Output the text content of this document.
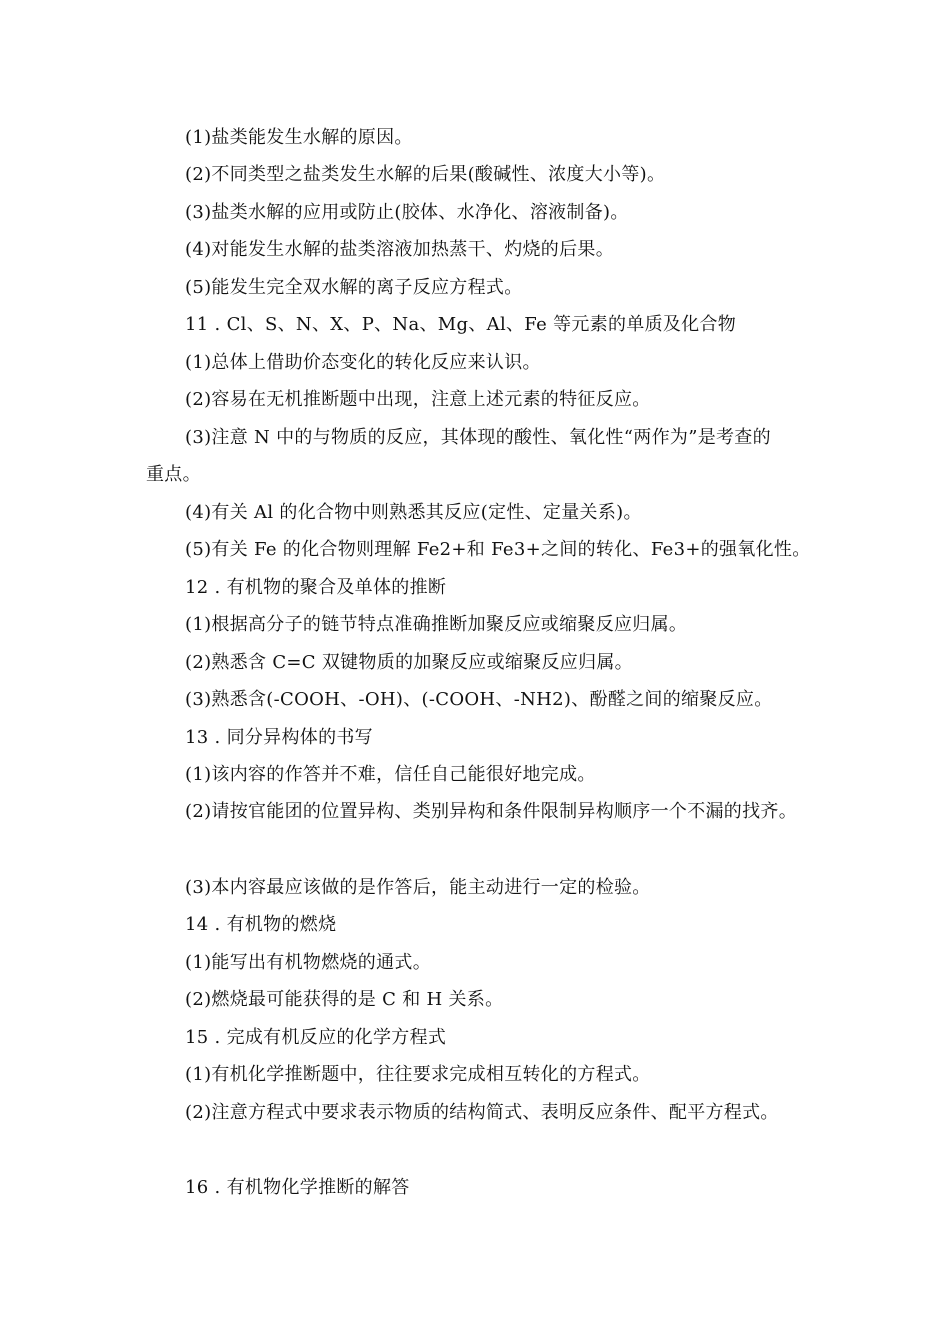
(1)盐类能发生水解的原因。
(2)不同类型之盐类发生水解的后果(酸碱性、浓度大小等)。
(3)盐类水解的应用或防止(胶体、水净化、溶液制备)。
(4)对能发生水解的盐类溶液加热蒸干、灼烧的后果。
(5)能发生完全双水解的离子反应方程式。
11 . Cl、S、N、X、P、Na、Mg、Al、Fe 等元素的单质及化合物
(1)总体上借助价态变化的转化反应来认识。
(2)容易在无机推断题中出现，注意上述元素的特征反应。
(3)注意 N 中的与物质的反应，其体现的酸性、氧化性“两作为”是考查的
重点。
(4)有关 Al 的化合物中则熟悉其反应(定性、定量关系)。
(5)有关 Fe 的化合物则理解 Fe2+和 Fe3+之间的转化、Fe3+的强氧化性。
12 . 有机物的聚合及单体的推断
(1)根据高分子的链节特点准确推断加聚反应或缩聚反应归属。
(2)熟悉含 C=C 双键物质的加聚反应或缩聚反应归属。
(3)熟悉含(-COOH、-OH)、(-COOH、-NH2)、酚醛之间的缩聚反应。
13 . 同分异构体的书写
(1)该内容的作答并不难，信任自己能很好地完成。
(2)请按官能团的位置异构、类别异构和条件限制异构顺序一个不漏的找齐。
(3)本内容最应该做的是作答后，能主动进行一定的检验。
14 . 有机物的燃烧
(1)能写出有机物燃烧的通式。
(2)燃烧最可能获得的是 C 和 H 关系。
15 . 完成有机反应的化学方程式
(1)有机化学推断题中，往往要求完成相互转化的方程式。
(2)注意方程式中要求表示物质的结构简式、表明反应条件、配平方程式。
16 . 有机物化学推断的解答
